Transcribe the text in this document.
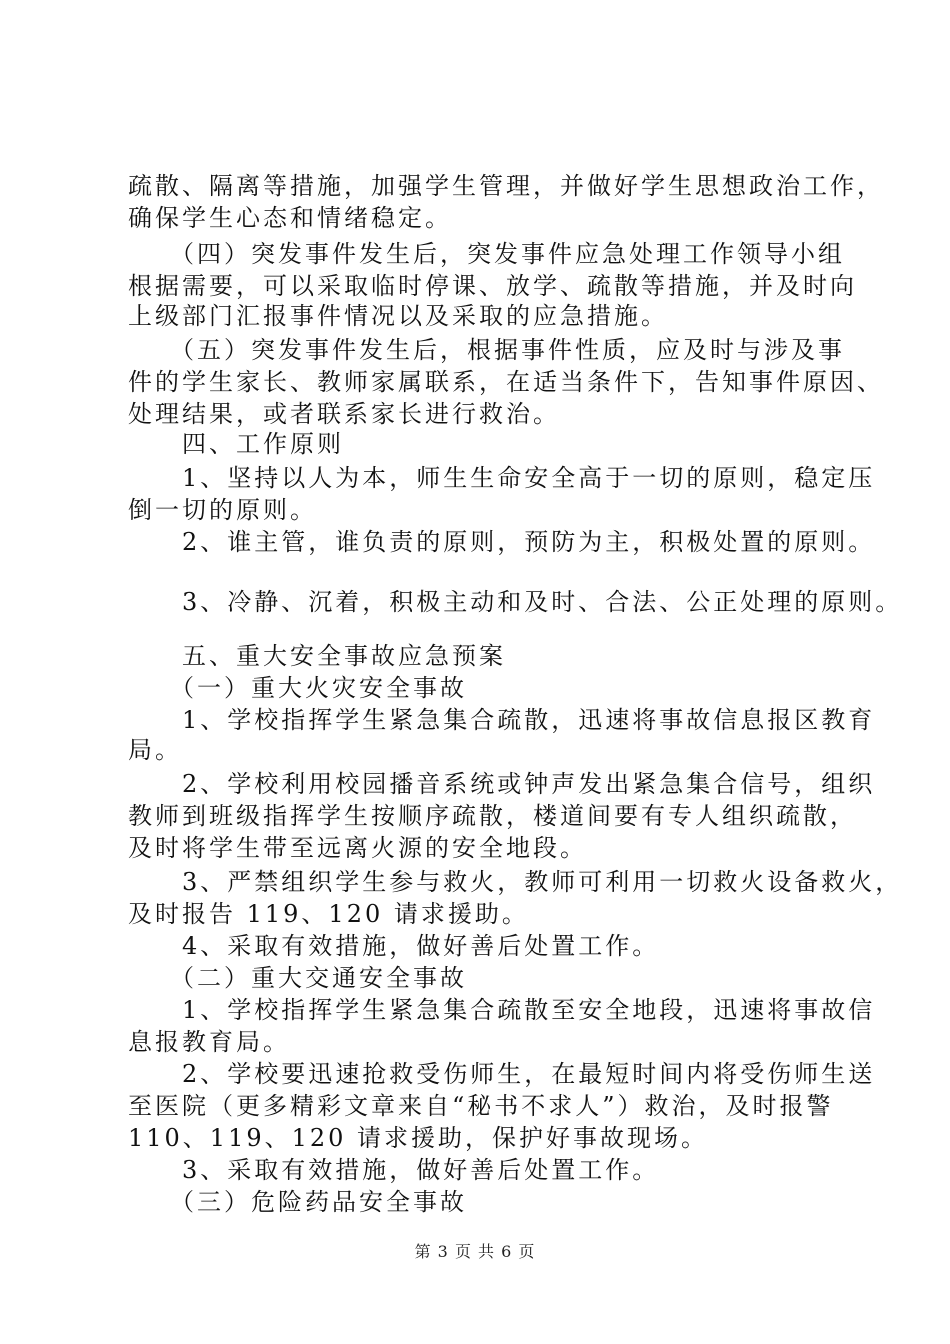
疏散、隔离等措施，加强学生管理，并做好学生思想政治工作，
确保学生心态和情绪稳定。
　　（四）突发事件发生后，突发事件应急处理工作领导小组
根据需要，可以采取临时停课、放学、疏散等措施，并及时向
上级部门汇报事件情况以及采取的应急措施。
　　（五）突发事件发生后，根据事件性质，应及时与涉及事
件的学生家长、教师家属联系，在适当条件下，告知事件原因、
处理结果，或者联系家长进行救治。
　　四、工作原则
　　1、坚持以人为本，师生生命安全高于一切的原则，稳定压
倒一切的原则。
　　2、谁主管，谁负责的原则，预防为主，积极处置的原则。
　　3、冷静、沉着，积极主动和及时、合法、公正处理的原则。
　　五、重大安全事故应急预案
　　（一）重大火灾安全事故
　　1、学校指挥学生紧急集合疏散，迅速将事故信息报区教育
局。
　　2、学校利用校园播音系统或钟声发出紧急集合信号，组织
教师到班级指挥学生按顺序疏散，楼道间要有专人组织疏散，
及时将学生带至远离火源的安全地段。
　　3、严禁组织学生参与救火，教师可利用一切救火设备救火，
及时报告 119、120 请求援助。
　　4、采取有效措施，做好善后处置工作。
　　（二）重大交通安全事故
　　1、学校指挥学生紧急集合疏散至安全地段，迅速将事故信
息报教育局。
　　2、学校要迅速抢救受伤师生，在最短时间内将受伤师生送
至医院（更多精彩文章来自“秘书不求人”）救治，及时报警
110、119、120 请求援助，保护好事故现场。
　　3、采取有效措施，做好善后处置工作。
　　（三）危险药品安全事故
第 3 页 共 6 页
